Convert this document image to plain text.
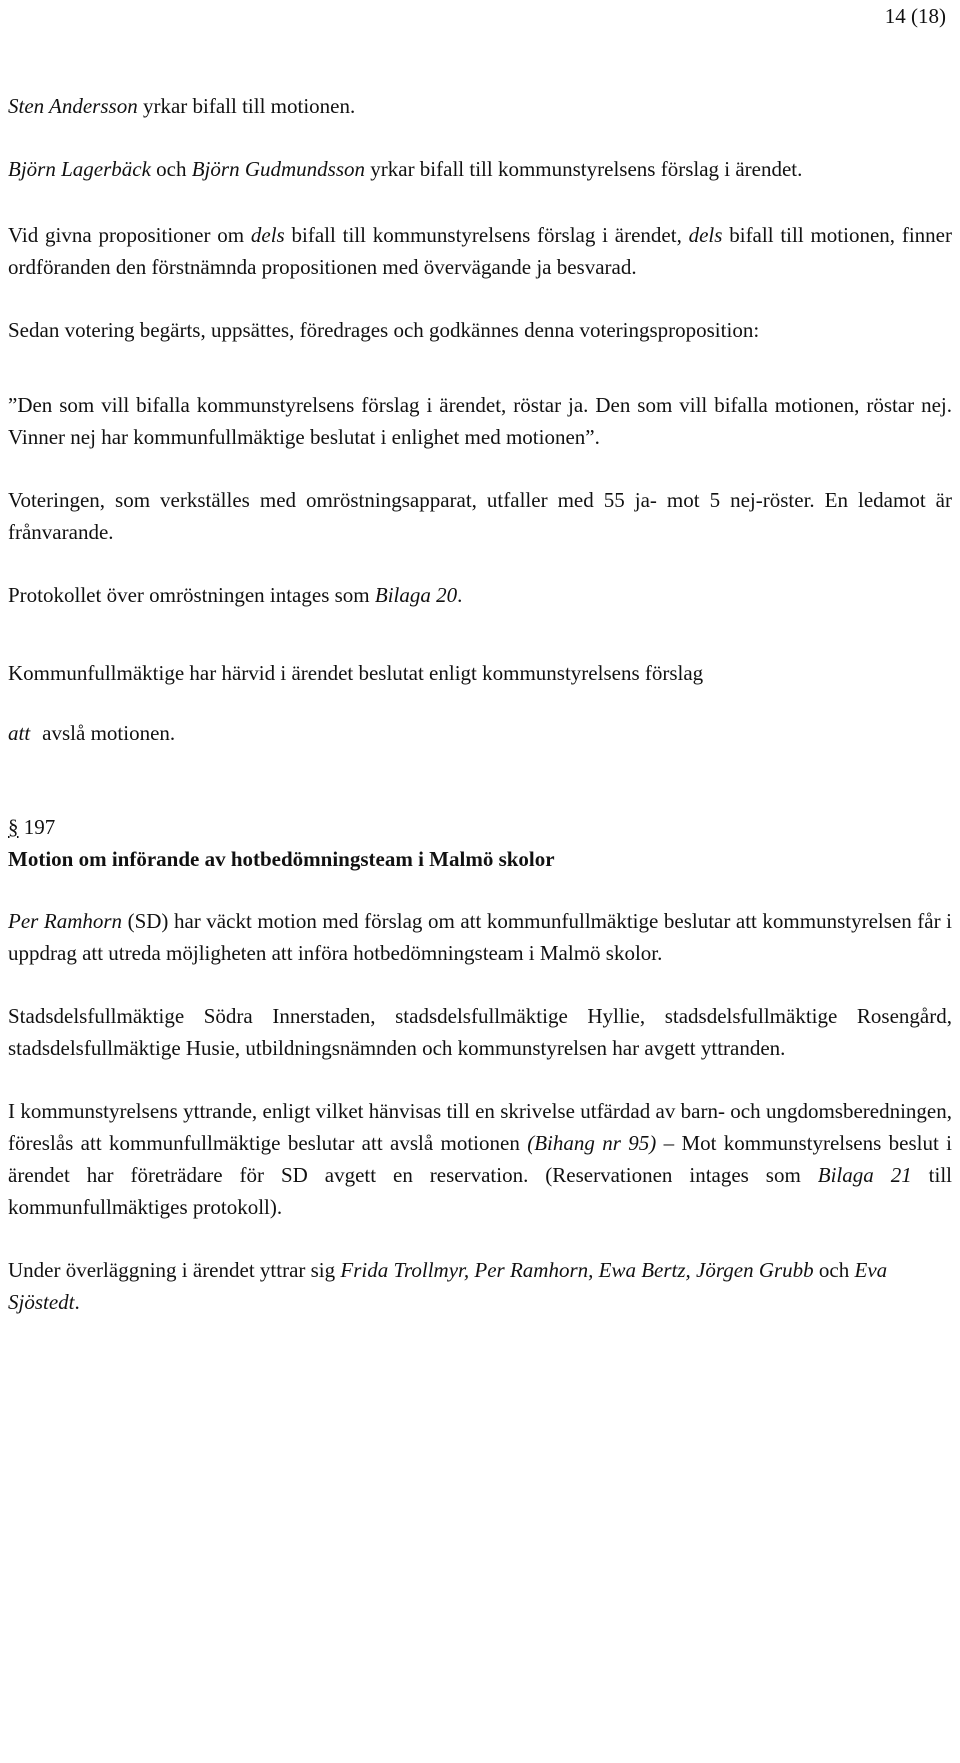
14 (18)

Sten Andersson yrkar bifall till motionen.

Björn Lagerbäck och Björn Gudmundsson yrkar bifall till kommunstyrelsens förslag i ärendet.

Vid givna propositioner om dels bifall till kommunstyrelsens förslag i ärendet, dels bifall till motionen, finner ordföranden den förstnämnda propositionen med övervägande ja besvarad.

Sedan votering begärts, uppsättes, föredrages och godkännes denna voteringsproposition:

”Den som vill bifalla kommunstyrelsens förslag i ärendet, röstar ja. Den som vill bifalla motionen, röstar nej. Vinner nej har kommunfullmäktige beslutat i enlighet med motionen”.

Voteringen, som verkställes med omröstningsapparat, utfaller med 55 ja- mot 5 nej-röster. En ledamot är frånvarande.

Protokollet över omröstningen intages som Bilaga 20.

Kommunfullmäktige har härvid i ärendet beslutat enligt kommunstyrelsens förslag

att avslå motionen.

§ 197

Motion om införande av hotbedömningsteam i Malmö skolor

Per Ramhorn (SD) har väckt motion med förslag om att kommunfullmäktige beslutar att kommunstyrelsen får i uppdrag att utreda möjligheten att införa hotbedömningsteam i Malmö skolor.

Stadsdelsfullmäktige Södra Innerstaden, stadsdelsfullmäktige Hyllie, stadsdelsfullmäktige Rosengård, stadsdelsfullmäktige Husie, utbildningsnämnden och kommunstyrelsen har avgett yttranden.

I kommunstyrelsens yttrande, enligt vilket hänvisas till en skrivelse utfärdad av barn- och ungdomsberedningen, föreslås att kommunfullmäktige beslutar att avslå motionen (Bihang nr 95) – Mot kommunstyrelsens beslut i ärendet har företrädare för SD avgett en reservation. (Reservationen intages som Bilaga 21 till kommunfullmäktiges protokoll).

Under överläggning i ärendet yttrar sig Frida Trollmyr, Per Ramhorn, Ewa Bertz, Jörgen Grubb och Eva Sjöstedt.
